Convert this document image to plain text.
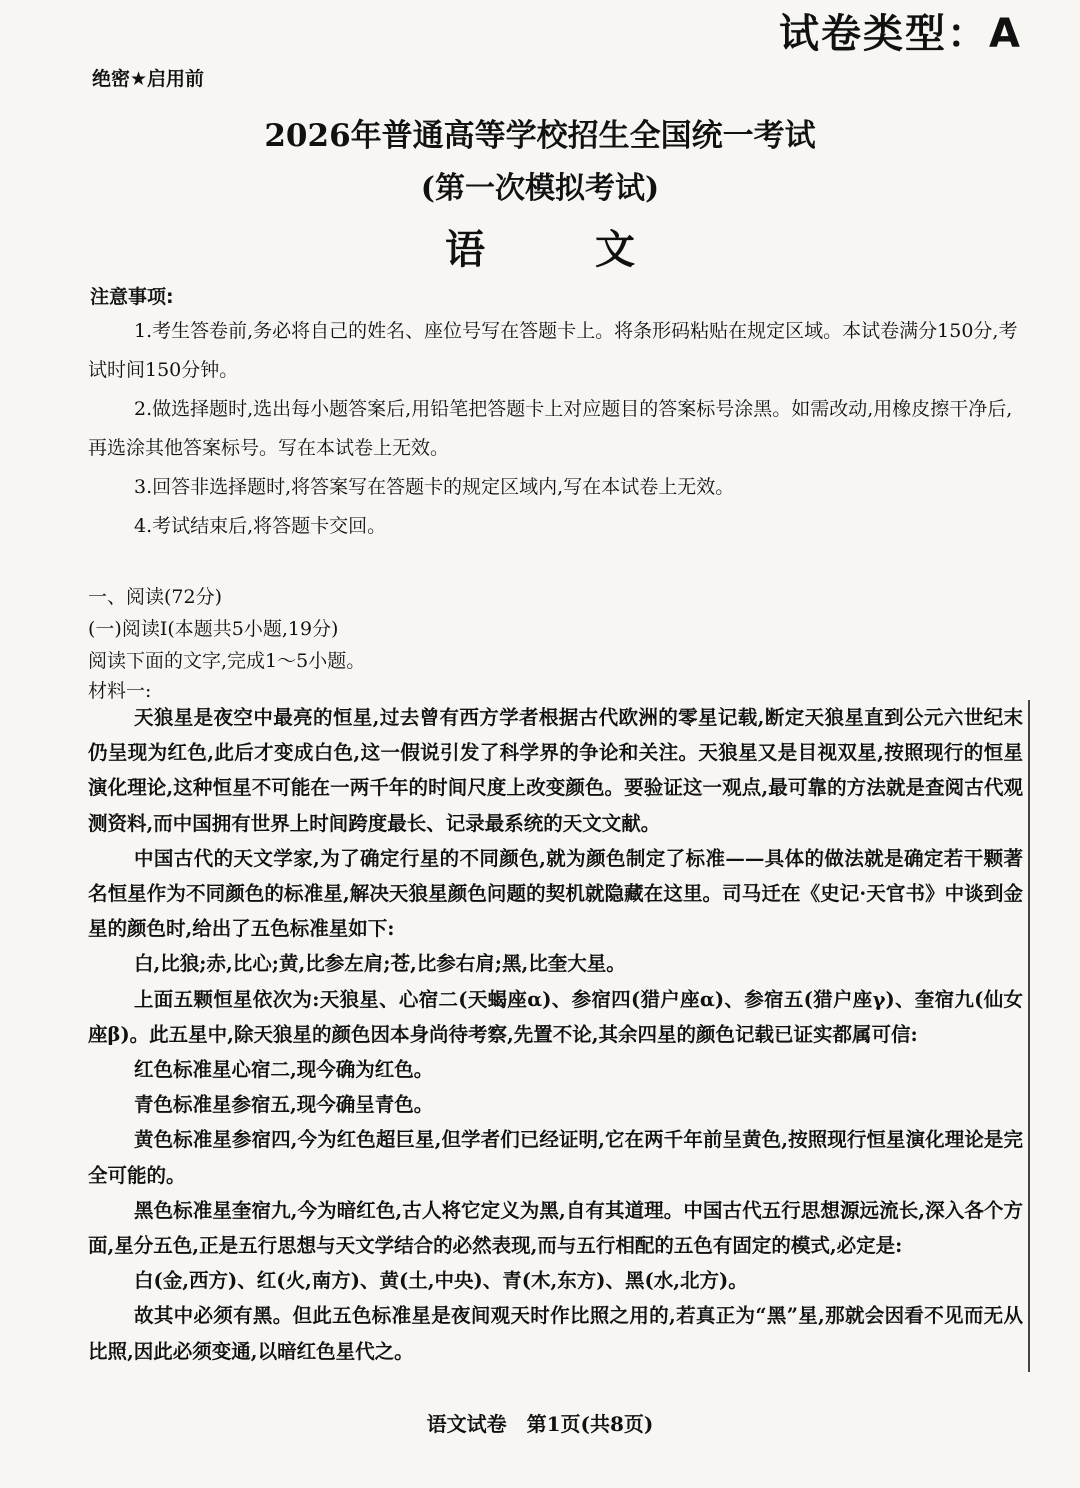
试卷类型：A
绝密★启用前
2026年普通高等学校招生全国统一考试
(第一次模拟考试)
语文
注意事项:

1.考生答卷前,务必将自己的姓名、座位号写在答题卡上。将条形码粘贴在规定区域。本试卷满分150分,考试时间150分钟。

2.做选择题时,选出每小题答案后,用铅笔把答题卡上对应题目的答案标号涂黑。如需改动,用橡皮擦干净后,再选涂其他答案标号。写在本试卷上无效。

3.回答非选择题时,将答案写在答题卡的规定区域内,写在本试卷上无效。

4.考试结束后,将答题卡交回。

一、阅读(72分)
(一)阅读Ⅰ(本题共5小题,19分)
阅读下面的文字,完成1～5小题。
材料一:

天狼星是夜空中最亮的恒星,过去曾有西方学者根据古代欧洲的零星记载,断定天狼星直到公元六世纪末仍呈现为红色,此后才变成白色,这一假说引发了科学界的争论和关注。天狼星又是目视双星,按照现行的恒星演化理论,这种恒星不可能在一两千年的时间尺度上改变颜色。要验证这一观点,最可靠的方法就是查阅古代观测资料,而中国拥有世界上时间跨度最长、记录最系统的天文文献。

中国古代的天文学家,为了确定行星的不同颜色,就为颜色制定了标准——具体的做法就是确定若干颗著名恒星作为不同颜色的标准星,解决天狼星颜色问题的契机就隐藏在这里。司马迁在《史记·天官书》中谈到金星的颜色时,给出了五色标准星如下:

白,比狼;赤,比心;黄,比参左肩;苍,比参右肩;黑,比奎大星。

上面五颗恒星依次为:天狼星、心宿二(天蝎座α)、参宿四(猎户座α)、参宿五(猎户座γ)、奎宿九(仙女座β)。此五星中,除天狼星的颜色因本身尚待考察,先置不论,其余四星的颜色记载已证实都属可信:

红色标准星心宿二,现今确为红色。

青色标准星参宿五,现今确呈青色。

黄色标准星参宿四,今为红色超巨星,但学者们已经证明,它在两千年前呈黄色,按照现行恒星演化理论是完全可能的。

黑色标准星奎宿九,今为暗红色,古人将它定义为黑,自有其道理。中国古代五行思想源远流长,深入各个方面,星分五色,正是五行思想与天文学结合的必然表现,而与五行相配的五色有固定的模式,必定是:

白(金,西方)、红(火,南方)、黄(土,中央)、青(木,东方)、黑(水,北方)。

故其中必须有黑。但此五色标准星是夜间观天时作比照之用的,若真正为“黑”星,那就会因看不见而无从比照,因此必须变通,以暗红色星代之。

语文试卷　第1页(共8页)
